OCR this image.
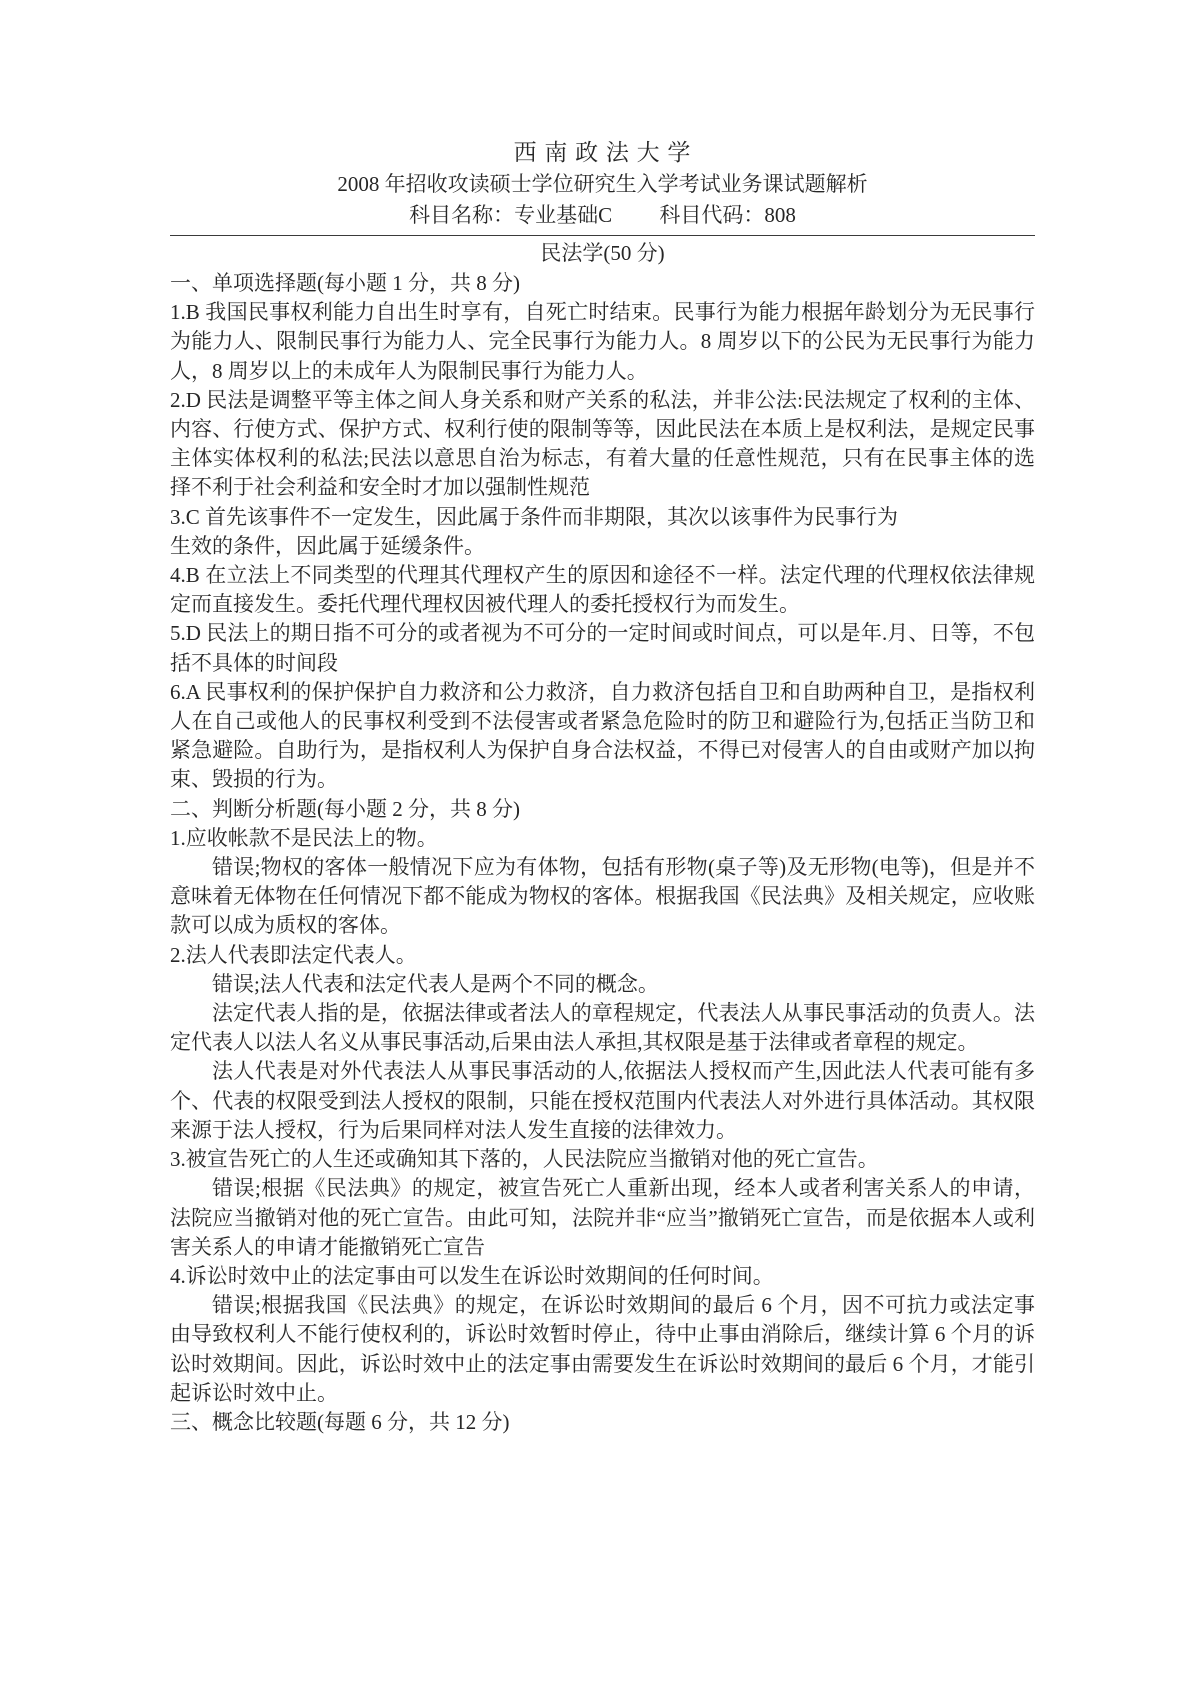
西 南 政 法 大 学
2008 年招收攻读硕士学位研究生入学考试业务课试题解析
科目名称：专业基础C 科目代码：808
民法学(50 分)

一、单项选择题(每小题 1 分，共 8 分)

1.B 我国民事权利能力自出生时享有，自死亡时结束。民事行为能力根据年龄划分为无民事行为能力人、限制民事行为能力人、完全民事行为能力人。8 周岁以下的公民为无民事行为能力人，8 周岁以上的未成年人为限制民事行为能力人。

2.D 民法是调整平等主体之间人身关系和财产关系的私法，并非公法:民法规定了权利的主体、内容、行使方式、保护方式、权利行使的限制等等，因此民法在本质上是权利法，是规定民事主体实体权利的私法;民法以意思自治为标志，有着大量的任意性规范，只有在民事主体的选择不利于社会利益和安全时才加以强制性规范

3.C 首先该事件不一定发生，因此属于条件而非期限，其次以该事件为民事行为

生效的条件，因此属于延缓条件。

4.B 在立法上不同类型的代理其代理权产生的原因和途径不一样。法定代理的代理权依法律规定而直接发生。委托代理代理权因被代理人的委托授权行为而发生。

5.D 民法上的期日指不可分的或者视为不可分的一定时间或时间点，可以是年.月、日等，不包括不具体的时间段

6.A 民事权利的保护保护自力救济和公力救济，自力救济包括自卫和自助两种自卫，是指权利人在自己或他人的民事权利受到不法侵害或者紧急危险时的防卫和避险行为,包括正当防卫和紧急避险。自助行为，是指权利人为保护自身合法权益，不得已对侵害人的自由或财产加以拘束、毁损的行为。

二、判断分析题(每小题 2 分，共 8 分)

1.应收帐款不是民法上的物。

错误;物权的客体一般情况下应为有体物，包括有形物(桌子等)及无形物(电等)，但是并不意味着无体物在任何情况下都不能成为物权的客体。根据我国《民法典》及相关规定，应收账款可以成为质权的客体。

2.法人代表即法定代表人。

错误;法人代表和法定代表人是两个不同的概念。

法定代表人指的是，依据法律或者法人的章程规定，代表法人从事民事活动的负责人。法定代表人以法人名义从事民事活动,后果由法人承担,其权限是基于法律或者章程的规定。

法人代表是对外代表法人从事民事活动的人,依据法人授权而产生,因此法人代表可能有多个、代表的权限受到法人授权的限制，只能在授权范围内代表法人对外进行具体活动。其权限来源于法人授权，行为后果同样对法人发生直接的法律效力。

3.被宣告死亡的人生还或确知其下落的，人民法院应当撤销对他的死亡宣告。

错误;根据《民法典》的规定，被宣告死亡人重新出现，经本人或者利害关系人的申请，法院应当撤销对他的死亡宣告。由此可知，法院并非“应当”撤销死亡宣告，而是依据本人或利害关系人的申请才能撤销死亡宣告

4.诉讼时效中止的法定事由可以发生在诉讼时效期间的任何时间。

错误;根据我国《民法典》的规定，在诉讼时效期间的最后 6 个月，因不可抗力或法定事由导致权利人不能行使权利的，诉讼时效暂时停止，待中止事由消除后，继续计算 6 个月的诉讼时效期间。因此，诉讼时效中止的法定事由需要发生在诉讼时效期间的最后 6 个月，才能引起诉讼时效中止。

三、概念比较题(每题 6 分，共 12 分)
